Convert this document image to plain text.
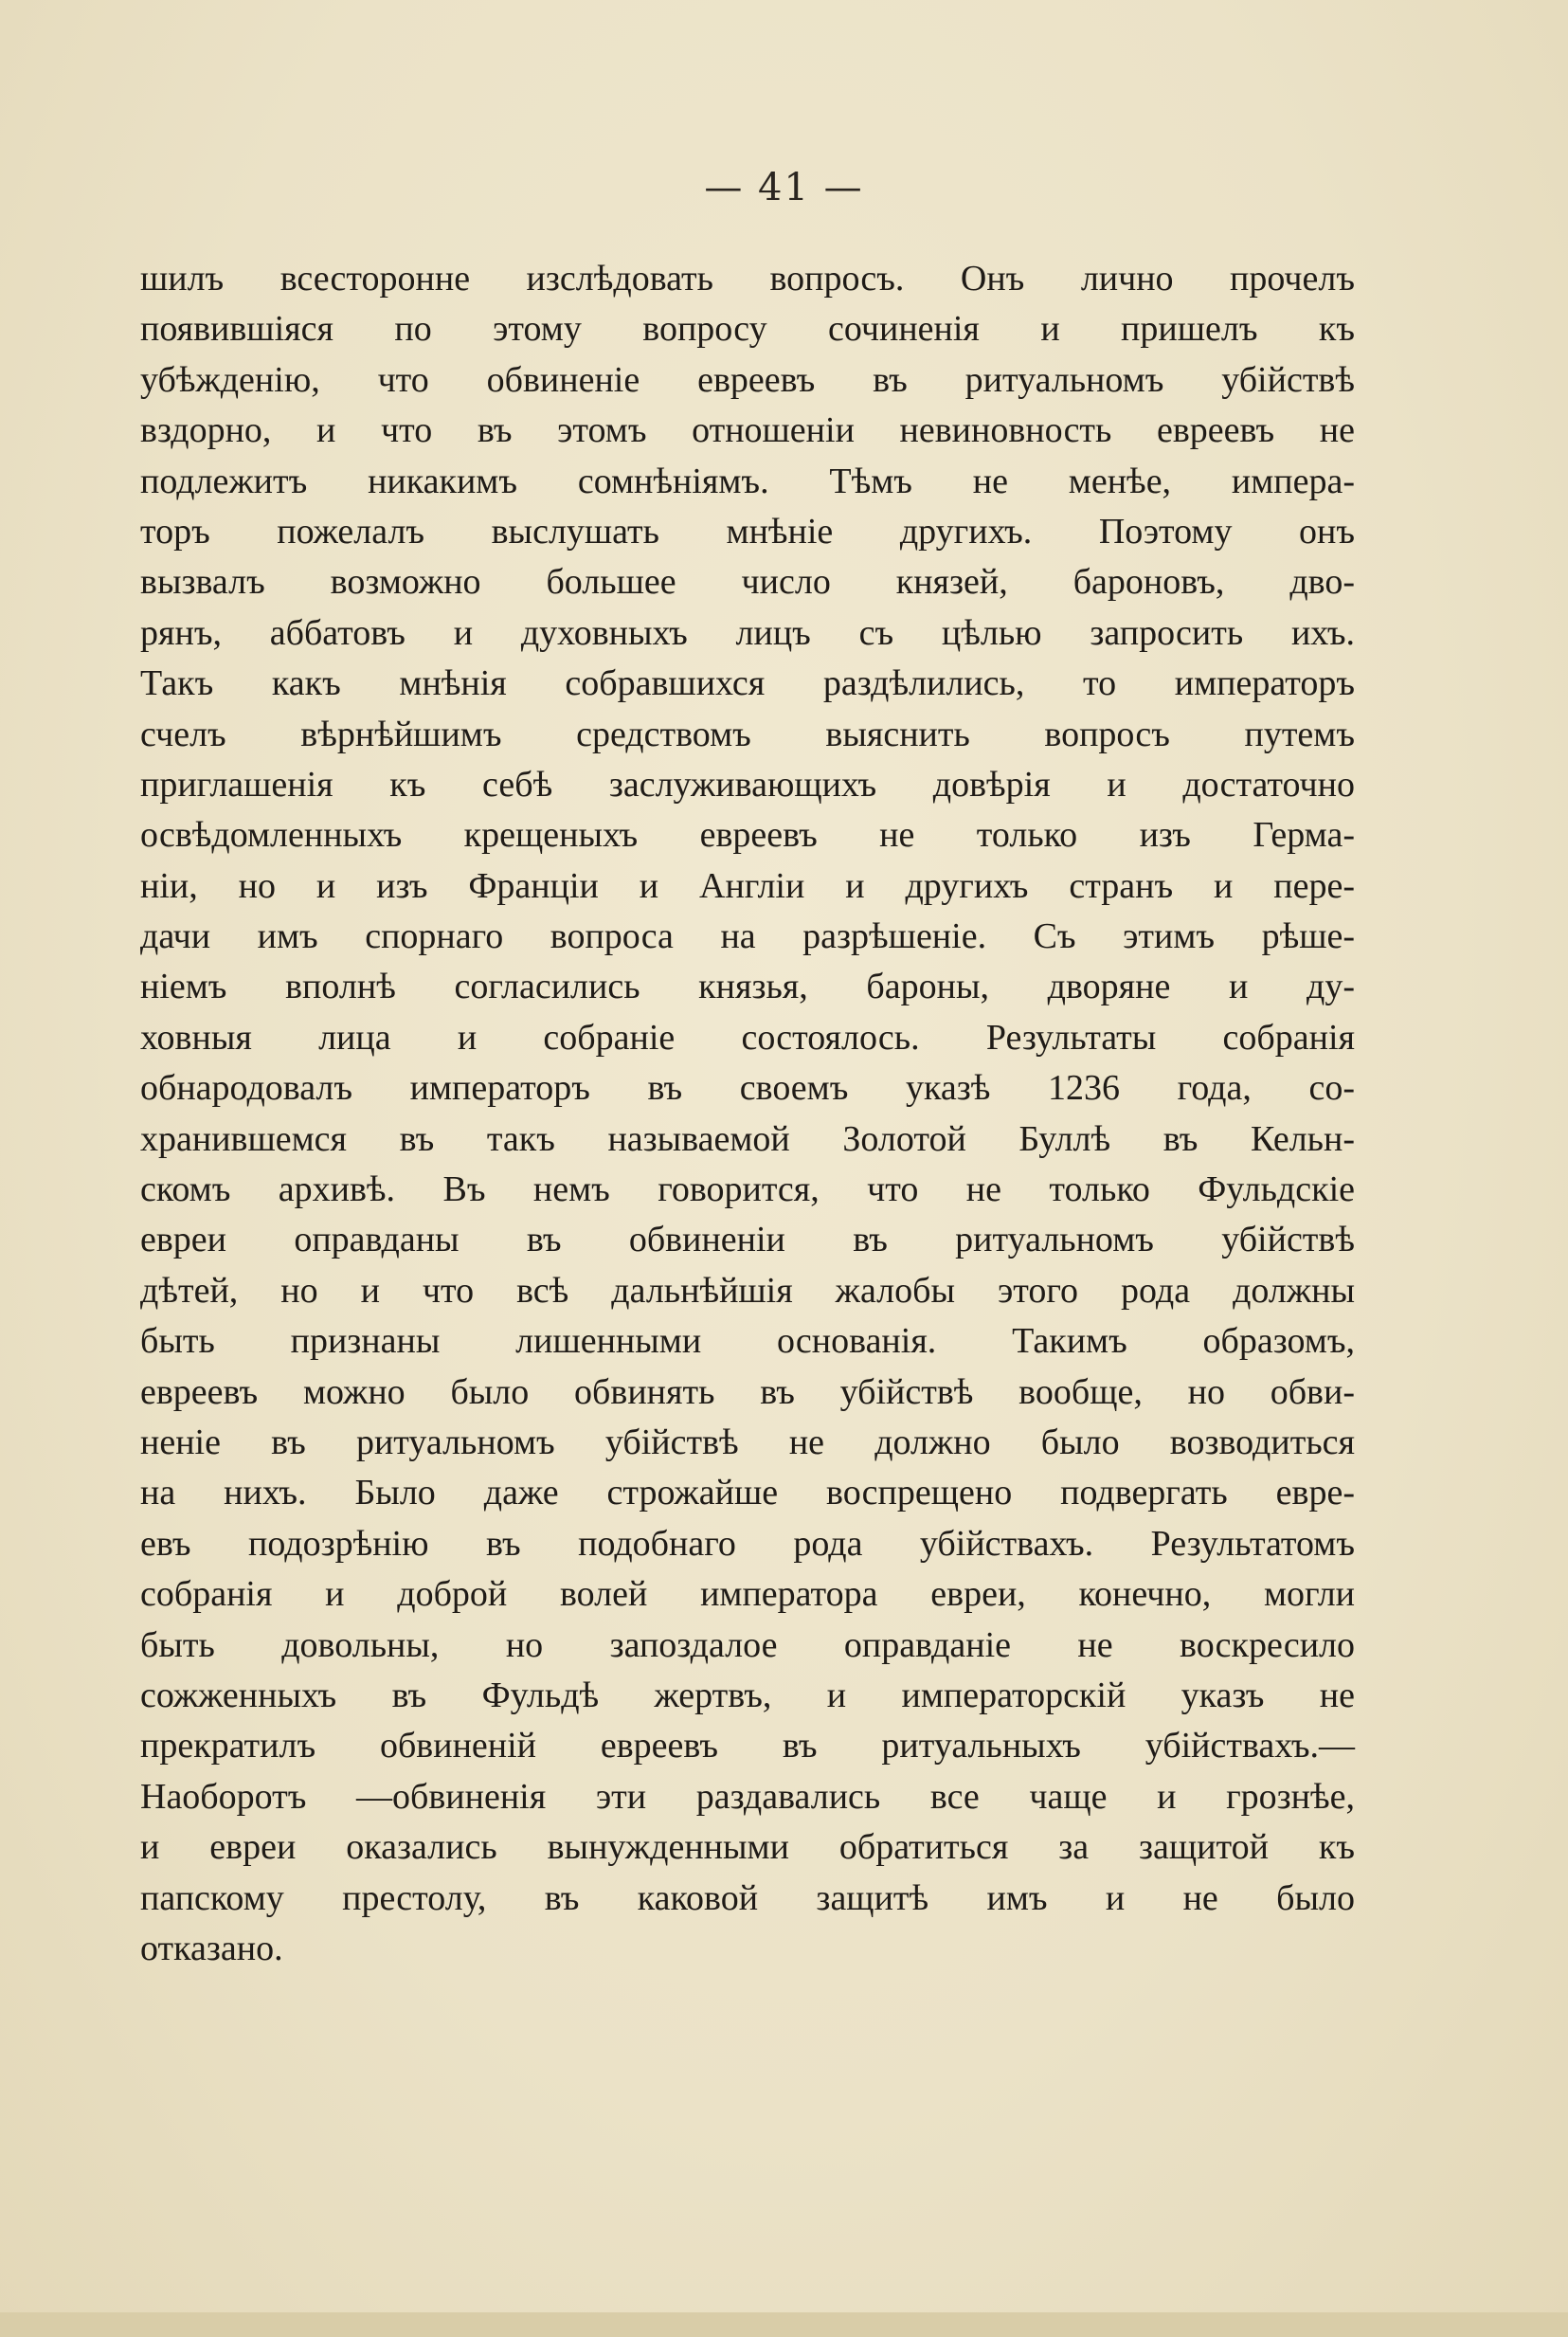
— 41 —
шилъ всесторонне изслѣдовать вопросъ. Онъ лично прочелъ
появившiяся по этому вопросу сочиненiя и пришелъ къ
убѣжденiю, что обвиненiе евреевъ въ ритуальномъ убiйствѣ
вздорно, и что въ этомъ отношенiи невиновность евреевъ не
подлежитъ никакимъ сомнѣнiямъ. Тѣмъ не менѣе, импера-
торъ пожелалъ выслушать мнѣнiе другихъ. Поэтому онъ
вызвалъ возможно большее число князей, бароновъ, дво-
рянъ, аббатовъ и духовныхъ лицъ съ цѣлью запросить ихъ.
Такъ какъ мнѣнiя собравшихся раздѣлились, то императоръ
счелъ вѣрнѣйшимъ средствомъ выяснить вопросъ путемъ
приглашенiя къ себѣ заслуживающихъ довѣрiя и достаточно
освѣдомленныхъ крещеныхъ евреевъ не только изъ Герма-
нiи, но и изъ Францiи и Англiи и другихъ странъ и пере-
дачи имъ спорнаго вопроса на разрѣшенiе. Съ этимъ рѣше-
нiемъ вполнѣ согласились князья, бароны, дворяне и ду-
ховныя лица и собранiе состоялось. Результаты собранiя
обнародовалъ императоръ въ своемъ указѣ 1236 года, со-
хранившемся въ такъ называемой Золотой Буллѣ въ Кельн-
скомъ архивѣ. Въ немъ говорится, что не только Фульдскiе
евреи оправданы въ обвиненiи въ ритуальномъ убiйствѣ
дѣтей, но и что всѣ дальнѣйшiя жалобы этого рода должны
быть признаны лишенными основанiя. Такимъ образомъ,
евреевъ можно было обвинять въ убiйствѣ вообще, но обви-
ненiе въ ритуальномъ убiйствѣ не должно было возводиться
на нихъ. Было даже строжайше воспрещено подвергать евре-
евъ подозрѣнiю въ подобнаго рода убiйствахъ. Результатомъ
собранiя и доброй волей императора евреи, конечно, могли
быть довольны, но запоздалое оправданiе не воскресило
сожженныхъ въ Фульдѣ жертвъ, и императорскiй указъ не
прекратилъ обвиненiй евреевъ въ ритуальныхъ убiйствахъ.—
Наоборотъ —обвиненiя эти раздавались все чаще и грознѣе,
и евреи оказались вынужденными обратиться за защитой къ
папскому престолу, въ каковой защитѣ имъ и не было
отказано.
